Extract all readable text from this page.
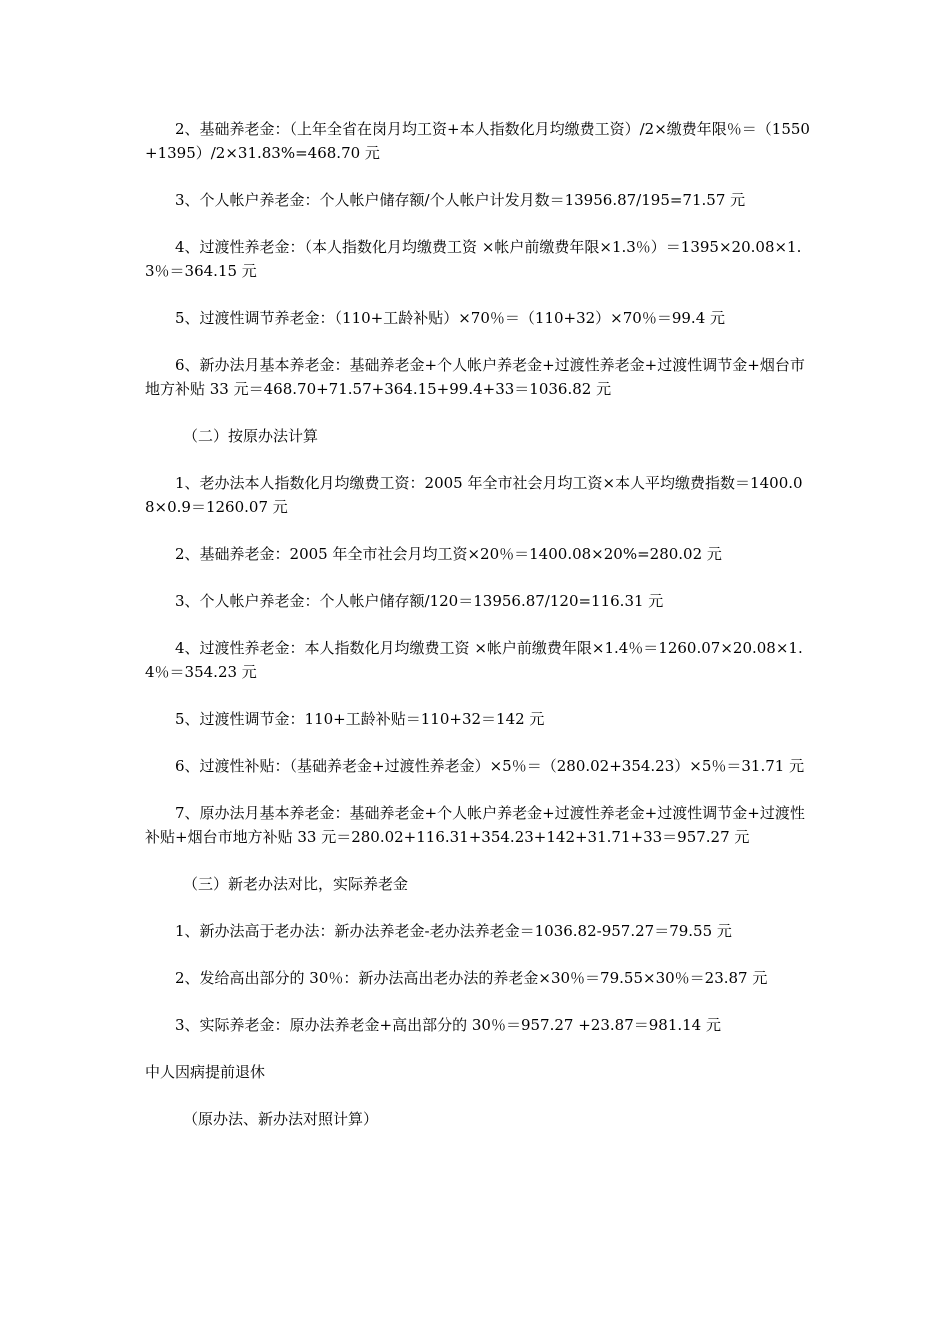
2、基础养老金：（上年全省在岗月均工资+本人指数化月均缴费工资）/2×缴费年限％＝（1550+1395）/2×31.83%=468.70 元

3、个人帐户养老金：个人帐户储存额/个人帐户计发月数＝13956.87/195=71.57 元

4、过渡性养老金：（本人指数化月均缴费工资 ×帐户前缴费年限×1.3％）＝1395×20.08×1.3％＝364.15 元

5、过渡性调节养老金：（110+工龄补贴）×70％＝（110+32）×70％＝99.4 元

6、新办法月基本养老金：基础养老金+个人帐户养老金+过渡性养老金+过渡性调节金+烟台市地方补贴 33 元＝468.70+71.57+364.15+99.4+33＝1036.82 元

（二）按原办法计算

1、老办法本人指数化月均缴费工资：2005 年全市社会月均工资×本人平均缴费指数＝1400.08×0.9＝1260.07 元

2、基础养老金：2005 年全市社会月均工资×20％＝1400.08×20%=280.02 元

3、个人帐户养老金：个人帐户储存额/120＝13956.87/120=116.31 元

4、过渡性养老金：本人指数化月均缴费工资 ×帐户前缴费年限×1.4％＝1260.07×20.08×1.4％＝354.23 元

5、过渡性调节金：110+工龄补贴＝110+32＝142 元

6、过渡性补贴：（基础养老金+过渡性养老金）×5％＝（280.02+354.23）×5％＝31.71 元

7、原办法月基本养老金：基础养老金+个人帐户养老金+过渡性养老金+过渡性调节金+过渡性补贴+烟台市地方补贴 33 元＝280.02+116.31+354.23+142+31.71+33＝957.27 元

（三）新老办法对比，实际养老金

1、新办法高于老办法：新办法养老金-老办法养老金＝1036.82-957.27＝79.55 元

2、发给高出部分的 30％：新办法高出老办法的养老金×30％＝79.55×30％＝23.87 元

3、实际养老金：原办法养老金+高出部分的 30％＝957.27 +23.87＝981.14 元

中人因病提前退休

（原办法、新办法对照计算）
